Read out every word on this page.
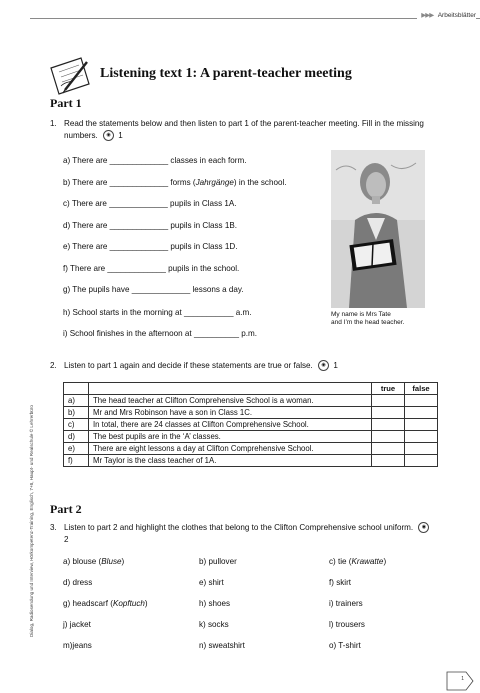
▶▶▶ Arbeitsblätter
Dialog, Radiosendung und Interview, Hörkompetenz-Training, Englisch, 7+8, Haupt- und Realschule © Lehrerbüro
Listening text 1: A parent-teacher meeting
Part 1
1. Read the statements below and then listen to part 1 of the parent-teacher meeting. Fill in the missing numbers. ◉ 1
a) There are _____________ classes in each form.
b) There are _____________ forms (Jahrgänge) in the school.
c) There are _____________ pupils in Class 1A.
d) There are _____________ pupils in Class 1B.
e) There are _____________ pupils in Class 1D.
f) There are _____________ pupils in the school.
g) The pupils have _____________ lessons a day.
h) School starts in the morning at ___________ a.m.
i) School finishes in the afternoon at __________ p.m.
My name is Mrs Tate
and I’m the head teacher.
2. Listen to part 1 again and decide if these statements are true or false. ◉ 1
		true	false
a)	The head teacher at Clifton Comprehensive School is a woman.		
b)	Mr and Mrs Robinson have a son in Class 1C.		
c)	In total, there are 24 classes at Clifton Comprehensive School.		
d)	The best pupils are in the ‘A’ classes.		
e)	There are eight lessons a day at Clifton Comprehensive School.		
f)	Mr Taylor is the class teacher of 1A.		
Part 2
3. Listen to part 2 and highlight the clothes that belong to the Clifton Comprehensive school uniform. ◉ 2
a) blouse (Bluse)	b) pullover	c) tie (Krawatte)
d) dress	e) shirt	f) skirt
g) headscarf (Kopftuch)	h) shoes	i) trainers
j) jacket	k) socks	l) trousers
m)jeans	n) sweatshirt	o) T-shirt
1
